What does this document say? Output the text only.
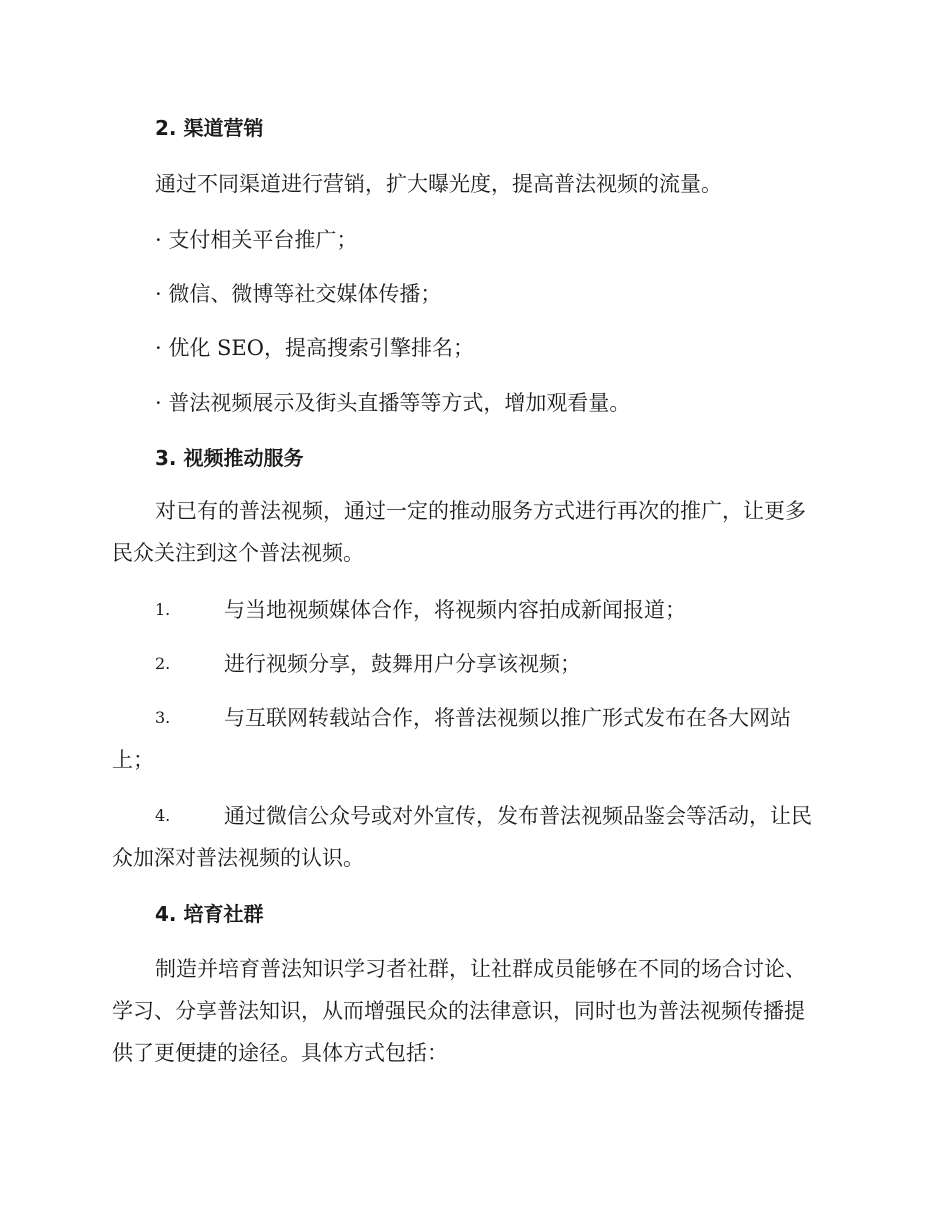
2. 渠道营销
通过不同渠道进行营销，扩大曝光度，提高普法视频的流量。
· 支付相关平台推广；
· 微信、微博等社交媒体传播；
· 优化 SEO，提高搜索引擎排名；
· 普法视频展示及街头直播等等方式，增加观看量。
3. 视频推动服务
对已有的普法视频，通过一定的推动服务方式进行再次的推广，让更多
民众关注到这个普法视频。
1.	与当地视频媒体合作，将视频内容拍成新闻报道；
2.	进行视频分享，鼓舞用户分享该视频；
3.	与互联网转载站合作，将普法视频以推广形式发布在各大网站
上；
4.	通过微信公众号或对外宣传，发布普法视频品鉴会等活动，让民
众加深对普法视频的认识。
4. 培育社群
制造并培育普法知识学习者社群，让社群成员能够在不同的场合讨论、
学习、分享普法知识，从而增强民众的法律意识，同时也为普法视频传播提
供了更便捷的途径。具体方式包括：
